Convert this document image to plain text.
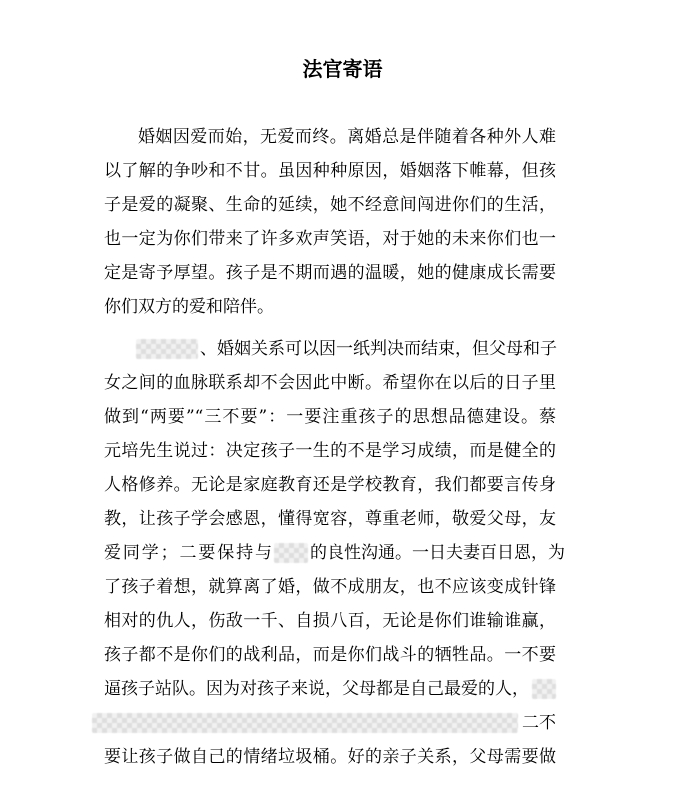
法官寄语
婚姻因爱而始，无爱而终。离婚总是伴随着各种外人难
以了解的争吵和不甘。虽因种种原因，婚姻落下帷幕，但孩
子是爱的凝聚、生命的延续，她不经意间闯进你们的生活，
也一定为你们带来了许多欢声笑语，对于她的未来你们也一
定是寄予厚望。孩子是不期而遇的温暖，她的健康成长需要
你们双方的爱和陪伴。
、婚姻关系可以因一纸判决而结束，但父母和子
女之间的血脉联系却不会因此中断。希望你在以后的日子里
做到“两要”“三不要”：一要注重孩子的思想品德建设。蔡
元培先生说过：决定孩子一生的不是学习成绩，而是健全的
人格修养。无论是家庭教育还是学校教育，我们都要言传身
教，让孩子学会感恩，懂得宽容，尊重老师，敬爱父母，友
爱同学；二要保持与 的良性沟通。一日夫妻百日恩，为
了孩子着想，就算离了婚，做不成朋友，也不应该变成针锋
相对的仇人，伤敌一千、自损八百，无论是你们谁输谁赢，
孩子都不是你们的战利品，而是你们战斗的牺牲品。一不要
逼孩子站队。因为对孩子来说，父母都是自己最爱的人，
二不
要让孩子做自己的情绪垃圾桶。好的亲子关系，父母需要做
